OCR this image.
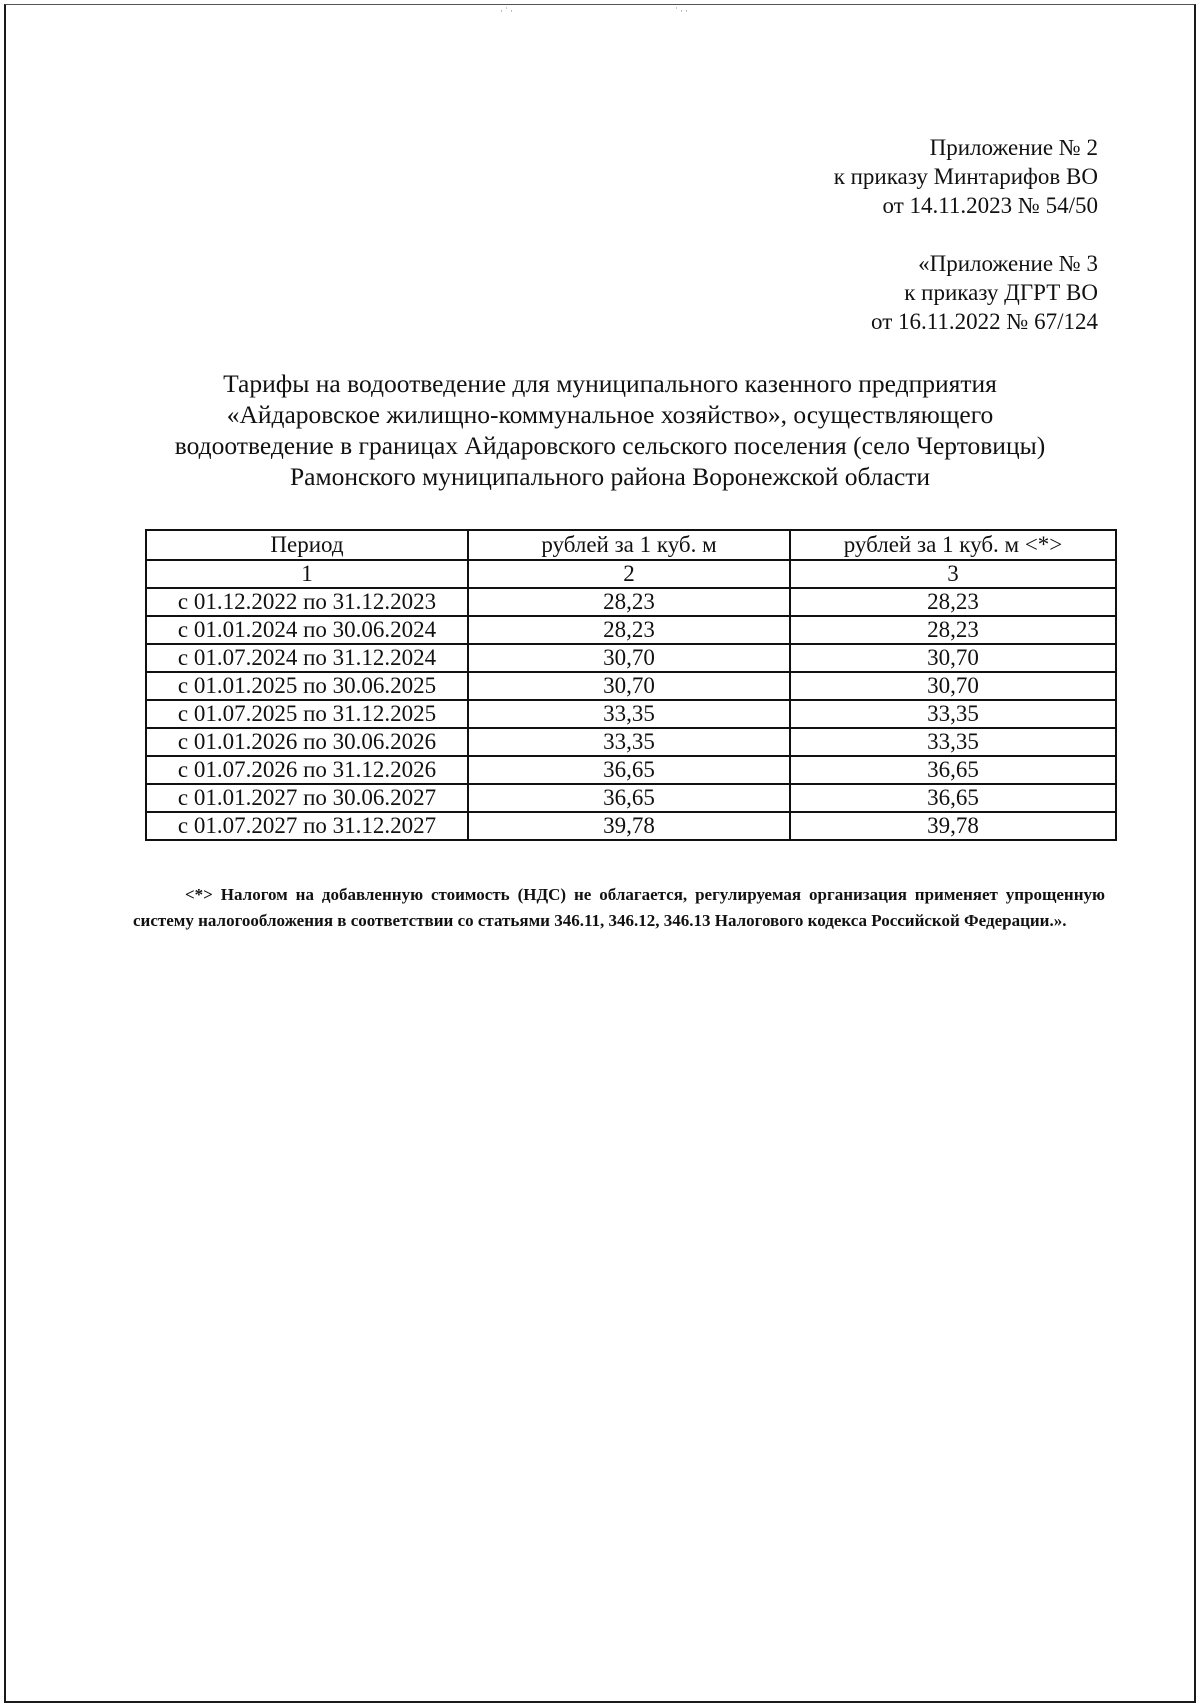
·˙·	˙··
Приложение № 2
к приказу Минтарифов ВО
от 14.11.2023 № 54/50
«Приложение № 3
к приказу ДГРТ ВО
от 16.11.2022 № 67/124
Тарифы на водоотведение для муниципального казенного предприятия
«Айдаровское жилищно-коммунальное хозяйство», осуществляющего
водоотведение в границах Айдаровского сельского поселения (село Чертовицы)
Рамонского муниципального района Воронежской области
Период	рублей за 1 куб. м	рублей за 1 куб. м <*>
1	2	3
с 01.12.2022 по 31.12.2023	28,23	28,23
с 01.01.2024 по 30.06.2024	28,23	28,23
с 01.07.2024 по 31.12.2024	30,70	30,70
с 01.01.2025 по 30.06.2025	30,70	30,70
с 01.07.2025 по 31.12.2025	33,35	33,35
с 01.01.2026 по 30.06.2026	33,35	33,35
с 01.07.2026 по 31.12.2026	36,65	36,65
с 01.01.2027 по 30.06.2027	36,65	36,65
с 01.07.2027 по 31.12.2027	39,78	39,78
<*> Налогом на добавленную стоимость (НДС) не облагается, регулируемая организация применяет упрощенную систему налогообложения в соответствии со статьями 346.11, 346.12, 346.13 Налогового кодекса Российской Федерации.».
